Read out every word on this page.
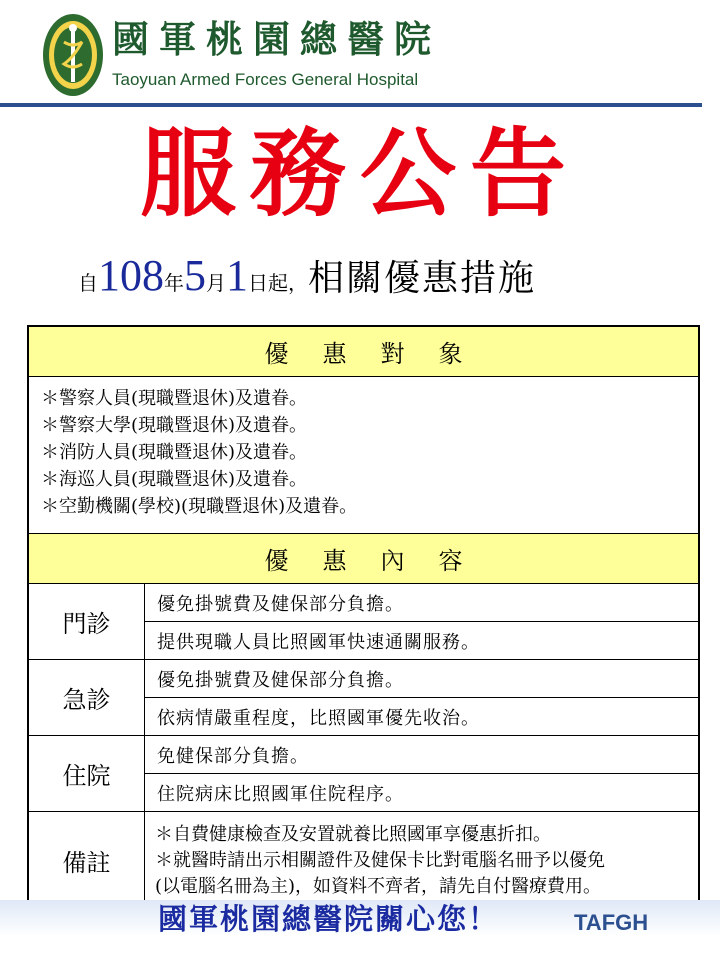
國軍桃園總醫院
Taoyuan Armed Forces General Hospital
服務公告
自108年5月1日起，相關優惠措施
優惠對象	

＊警察人員(現職暨退休)及遺眷。
＊警察大學(現職暨退休)及遺眷。
＊消防人員(現職暨退休)及遺眷。
＊海巡人員(現職暨退休)及遺眷。
＊空勤機關(學校)(現職暨退休)及遺眷。	

優惠內容	
門診	優免掛號費及健保部分負擔。
	提供現職人員比照國軍快速通關服務。
急診	優免掛號費及健保部分負擔。
	依病情嚴重程度，比照國軍優先收治。
住院	免健保部分負擔。
	住院病床比照國軍住院程序。
備註	＊自費健康檢查及安置就養比照國軍享優惠折扣。
＊就醫時請出示相關證件及健保卡比對電腦名冊予以優免
(以電腦名冊為主)，如資料不齊者，請先自付醫療費用。
國軍桃園總醫院關心您！	TAFGH
